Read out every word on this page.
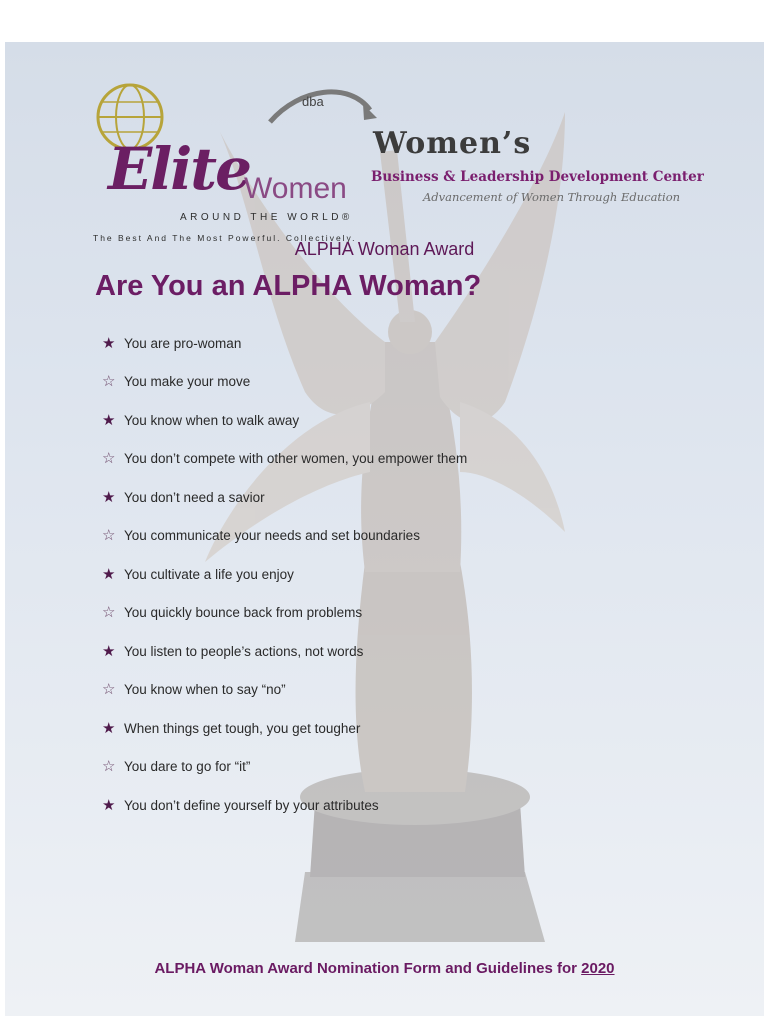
Elite
Women
AROUND THE WORLD®
The Best And The Most Powerful. Collectively.
dba
Women’s
Business & Leadership Development Center
Advancement of Women Through Education
ALPHA Woman Award
Are You an ALPHA Woman?
★ You are pro-woman
☆ You make your move
★ You know when to walk away
☆ You don’t compete with other women, you empower them
★ You don’t need a savior
☆ You communicate your needs and set boundaries
★ You cultivate a life you enjoy
☆ You quickly bounce back from problems
★ You listen to people’s actions, not words
☆ You know when to say “no”
★ When things get tough, you get tougher
☆ You dare to go for “it”
★ You don’t define yourself by your attributes
ALPHA Woman Award Nomination Form and Guidelines for 2020
